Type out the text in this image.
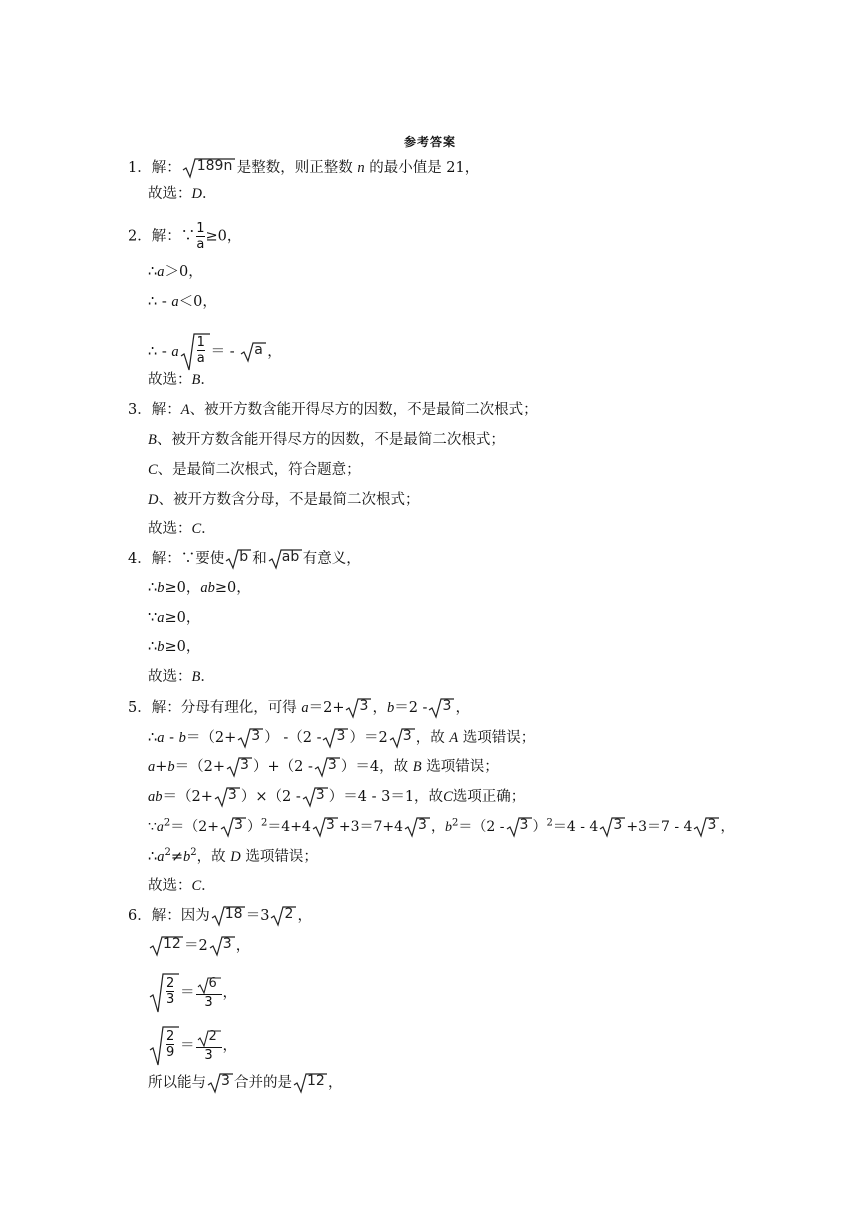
参考答案
1．解： 189n 是整数，则正整数 n 的最小值是 21，
故选：D．
2．解：∵ $\frac{1}{a} \ge 0$，
∴a＞0，
∴ - a＜0，
∴ - a
1
a ＝ - a ，
故选：B．
3．解：A、被开方数含能开得尽方的因数，不是最简二次根式；
B、被开方数含能开得尽方的因数，不是最简二次根式；
C、是最简二次根式，符合题意；
D、被开方数含分母，不是最简二次根式；
故选：C．
4．解：∵要使 b 和 ab 有意义，
∴b≥0，ab≥0，
∵a≥0，
∴b≥0，
故选：B．
5．解：分母有理化，可得 a＝2+ 3 ，b＝2 - 3 ，
∴a - b＝（2+ 3 ） -（2 - 3 ）＝2 3 ，故 A 选项错误；
a+b＝（2+ 3 ）+（2 - 3 ）＝4，故 B 选项错误；
ab＝（2+ 3 ）×（2 - 3 ）＝4 - 3＝1，故C选项正确；
$\because a^2=(2+ 3$ ）$^2$＝4+4 3 +3＝7+4 3 ，$b^2=(2 - 3$ ）$^2$＝4 - 4 3 +3＝7 - 4 3 ，
$\therefore a^2\ne b^2$，故 D 选项错误；
故选：C．
6．解：因为 18 ＝3 2 ，
12 ＝2 3 ，
2
$3 = \frac{6}{3}$ ，
2
$9 = \frac{2}{3}$ ，
所以能与 3 合并的是 12 ，
